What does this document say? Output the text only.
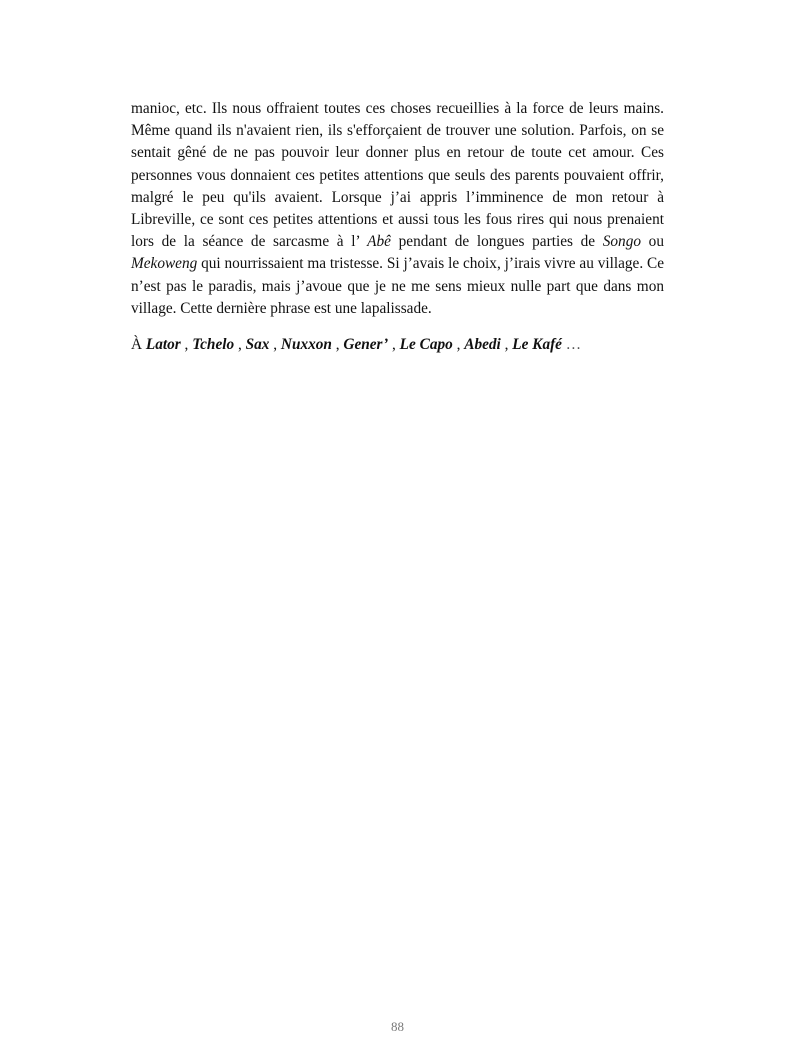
manioc, etc. Ils nous offraient toutes ces choses recueillies à la force de leurs mains. Même quand ils n'avaient rien, ils s'efforçaient de trouver une solution. Parfois, on se sentait gêné de ne pas pouvoir leur donner plus en retour de toute cet amour. Ces personnes vous donnaient ces petites attentions que seuls des parents pouvaient offrir, malgré le peu qu'ils avaient. Lorsque j’ai appris l’imminence de mon retour à Libreville, ce sont ces petites attentions et aussi tous les fous rires qui nous prenaient lors de la séance de sarcasme à l’ Abê pendant de longues parties de Songo ou Mekoweng qui nourrissaient ma tristesse. Si j’avais le choix, j’irais vivre au village. Ce n’est pas le paradis, mais j’avoue que je ne me sens mieux nulle part que dans mon village. Cette dernière phrase est une lapalissade.

À Lator , Tchelo , Sax , Nuxxon , Gener’ , Le Capo , Abedi , Le Kafé …

88
